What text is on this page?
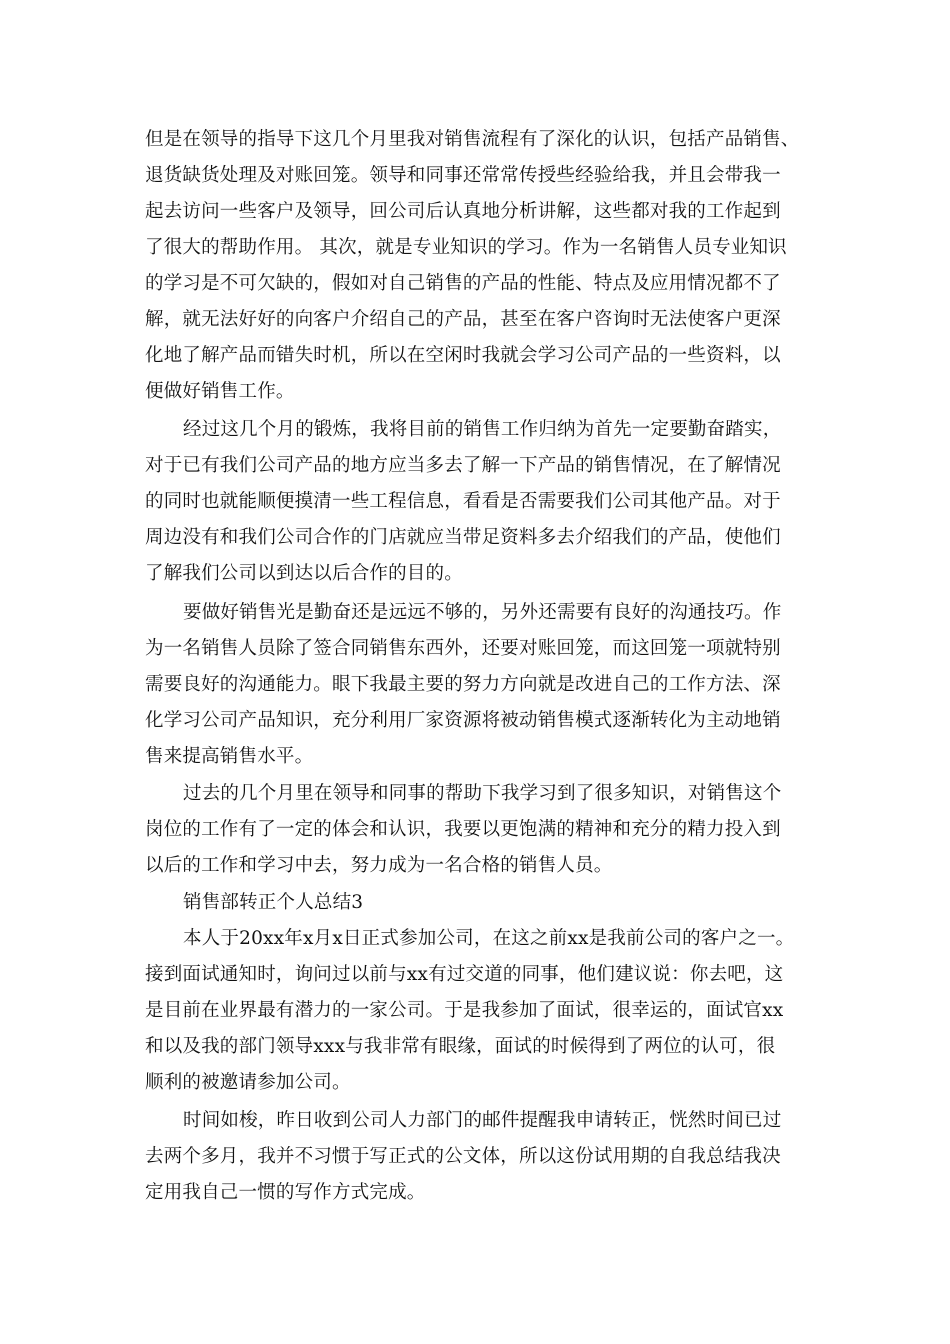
但是在领导的指导下这几个月里我对销售流程有了深化的认识，包括产品销售、
退货缺货处理及对账回笼。领导和同事还常常传授些经验给我，并且会带我一
起去访问一些客户及领导，回公司后认真地分析讲解，这些都对我的工作起到
了很大的帮助作用。 其次，就是专业知识的学习。作为一名销售人员专业知识
的学习是不可欠缺的，假如对自己销售的产品的性能、特点及应用情况都不了
解，就无法好好的向客户介绍自己的产品，甚至在客户咨询时无法使客户更深
化地了解产品而错失时机，所以在空闲时我就会学习公司产品的一些资料，以
便做好销售工作。
经过这几个月的锻炼，我将目前的销售工作归纳为首先一定要勤奋踏实，
对于已有我们公司产品的地方应当多去了解一下产品的销售情况，在了解情况
的同时也就能顺便摸清一些工程信息，看看是否需要我们公司其他产品。对于
周边没有和我们公司合作的门店就应当带足资料多去介绍我们的产品，使他们
了解我们公司以到达以后合作的目的。
要做好销售光是勤奋还是远远不够的，另外还需要有良好的沟通技巧。作
为一名销售人员除了签合同销售东西外，还要对账回笼，而这回笼一项就特别
需要良好的沟通能力。眼下我最主要的努力方向就是改进自己的工作方法、深
化学习公司产品知识，充分利用厂家资源将被动销售模式逐渐转化为主动地销
售来提高销售水平。
过去的几个月里在领导和同事的帮助下我学习到了很多知识，对销售这个
岗位的工作有了一定的体会和认识，我要以更饱满的精神和充分的精力投入到
以后的工作和学习中去，努力成为一名合格的销售人员。
销售部转正个人总结3
本人于20xx年x月x日正式参加公司，在这之前xx是我前公司的客户之一。
接到面试通知时，询问过以前与xx有过交道的同事，他们建议说：你去吧，这
是目前在业界最有潜力的一家公司。于是我参加了面试，很幸运的，面试官xx
和以及我的部门领导xxx与我非常有眼缘，面试的时候得到了两位的认可，很
顺利的被邀请参加公司。
时间如梭，昨日收到公司人力部门的邮件提醒我申请转正，恍然时间已过
去两个多月，我并不习惯于写正式的公文体，所以这份试用期的自我总结我决
定用我自己一惯的写作方式完成。
